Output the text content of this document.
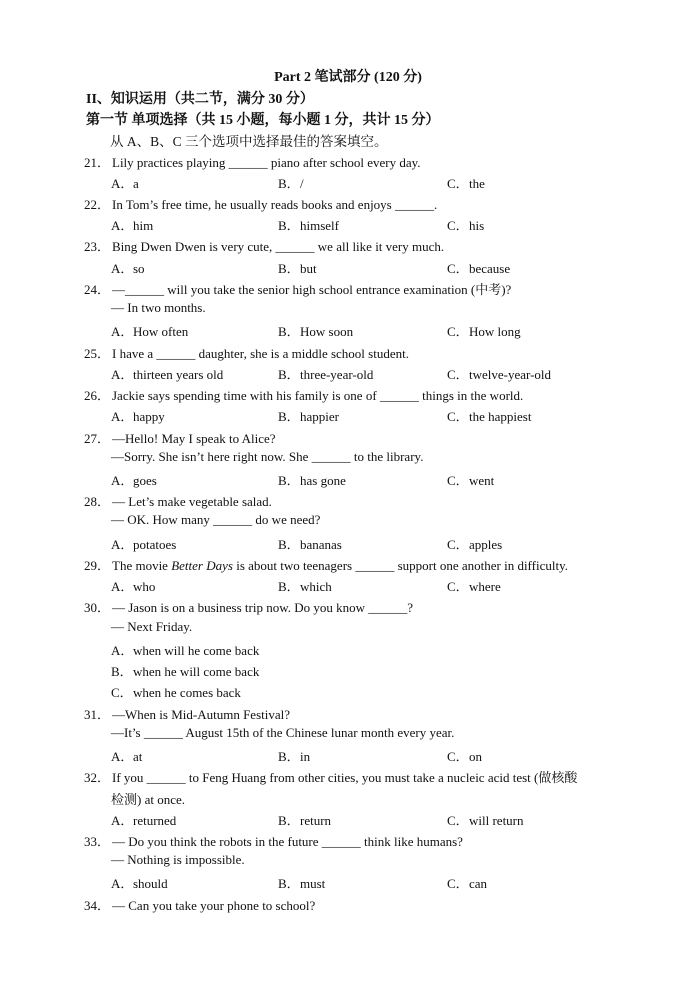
Part 2 笔试部分 (120 分)
II、知识运用（共二节，满分 30 分）
第一节 单项选择（共 15 小题，每小题 1 分，共计 15 分）
从 A、B、C 三个选项中选择最佳的答案填空。
21． Lily practices playing ______ piano after school every day.
A．a	B．/	C．the
22． In Tom’s free time, he usually reads books and enjoys ______.
A．him	B．himself	C．his
23． Bing Dwen Dwen is very cute, ______ we all like it very much.
A．so	B．but	C．because
24． —______ will you take the senior high school entrance examination (中考)?
— In two months.
A．How often	B．How soon	C．How long
25． I have a ______ daughter, she is a middle school student.
A．thirteen years old	B．three-year-old	C．twelve-year-old
26． Jackie says spending time with his family is one of ______ things in the world.
A．happy	B．happier	C．the happiest
27． —Hello! May I speak to Alice?
—Sorry. She isn’t here right now. She ______ to the library.
A．goes	B．has gone	C．went
28． — Let’s make vegetable salad.
— OK. How many ______ do we need?
A．potatoes	B．bananas	C．apples
29． The movie Better Days is about two teenagers ______ support one another in difficulty.
A．who	B．which	C．where
30． — Jason is on a business trip now. Do you know ______?
— Next Friday.
A．when will he come back
B．when he will come back
C．when he comes back
31． —When is Mid-Autumn Festival?
—It’s ______ August 15th of the Chinese lunar month every year.
A．at	B．in	C．on
32． If you ______ to Feng Huang from other cities, you must take a nucleic acid test (做核酸
检测) at once.
A．returned	B．return	C．will return
33． — Do you think the robots in the future ______ think like humans?
— Nothing is impossible.
A．should	B．must	C．can
34． — Can you take your phone to school?
